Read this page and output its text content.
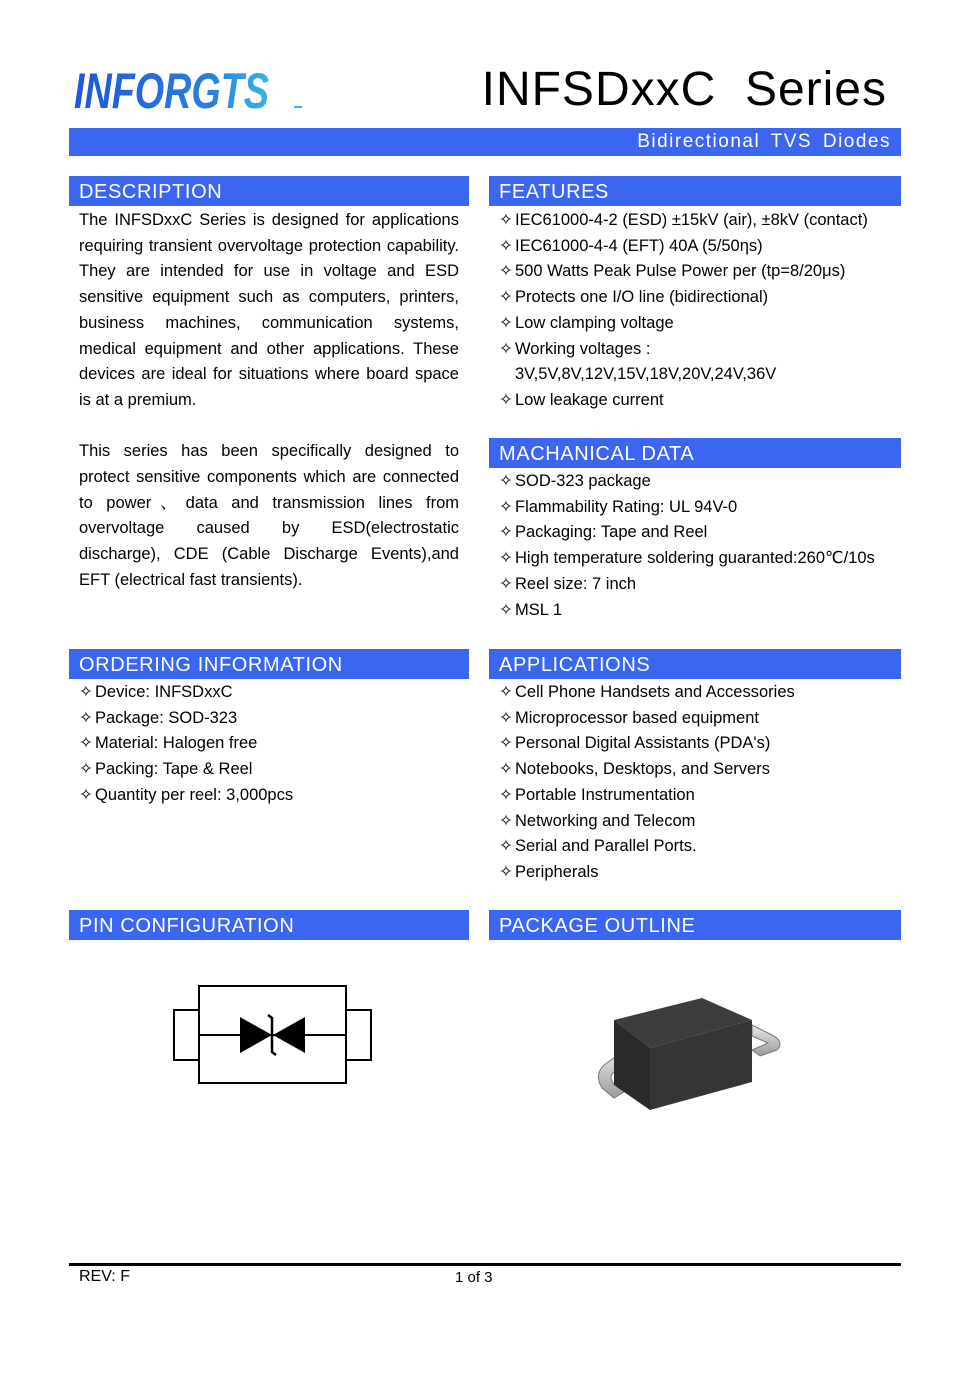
INFORGTS	INFSDxxC  Series
Bidirectional TVS Diodes
DESCRIPTION

The INFSDxxC Series is designed for applications requiring transient overvoltage protection capability. They are intended for use in voltage and ESD sensitive equipment such as computers, printers, business machines, communication systems, medical equipment and other applications. These devices are ideal for situations where board space is at a premium.

This series has been specifically designed to protect sensitive components which are connected to power、data and transmission lines from overvoltage caused by ESD(electrostatic discharge), CDE (Cable Discharge Events),and EFT (electrical fast transients).

FEATURES
✧ IEC61000-4-2 (ESD) ±15kV (air), ±8kV (contact)
✧ IEC61000-4-4 (EFT) 40A (5/50ηs)
✧ 500 Watts Peak Pulse Power per (tp=8/20μs)
✧ Protects one I/O line (bidirectional)
✧ Low clamping voltage
✧ Working voltages :
3V,5V,8V,12V,15V,18V,20V,24V,36V
✧ Low leakage current
MACHANICAL DATA
✧ SOD-323 package
✧ Flammability Rating: UL 94V-0
✧ Packaging: Tape and Reel
✧ High temperature soldering guaranted:260℃/10s
✧ Reel size: 7 inch
✧ MSL 1
ORDERING INFORMATION
✧ Device: INFSDxxC
✧ Package: SOD-323
✧ Material: Halogen free
✧ Packing: Tape & Reel
✧ Quantity per reel: 3,000pcs
APPLICATIONS
✧ Cell Phone Handsets and Accessories
✧ Microprocessor based equipment
✧ Personal Digital Assistants (PDA's)
✧ Notebooks, Desktops, and Servers
✧ Portable Instrumentation
✧ Networking and Telecom
✧ Serial and Parallel Ports.
✧ Peripherals
PIN CONFIGURATION	PACKAGE OUTLINE
REV: F	1 of 3
